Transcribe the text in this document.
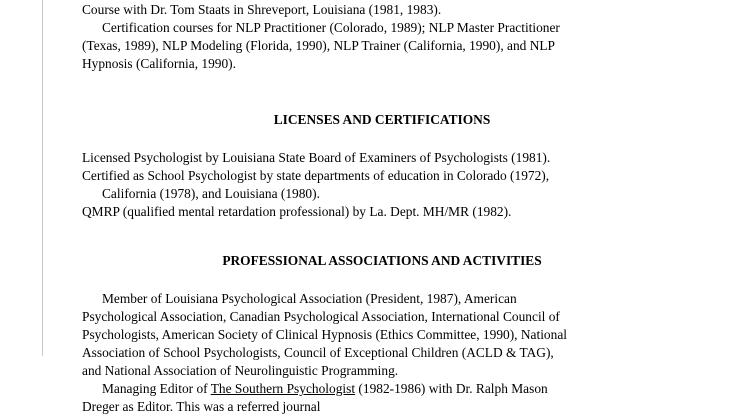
Course with Dr. Tom Staats in Shreveport, Louisiana (1981, 1983).
Certification courses for NLP Practitioner (Colorado, 1989); NLP Master Practitioner
(Texas, 1989), NLP Modeling (Florida, 1990), NLP Trainer (California, 1990), and NLP
Hypnosis (California, 1990).
LICENSES AND CERTIFICATIONS
Licensed Psychologist by Louisiana State Board of Examiners of Psychologists (1981).
Certified as School Psychologist by state departments of education in Colorado (1972),
California (1978), and Louisiana (1980).
QMRP (qualified mental retardation professional) by La. Dept. MH/MR (1982).
PROFESSIONAL ASSOCIATIONS AND ACTIVITIES
Member of Louisiana Psychological Association (President, 1987), American
Psychological Association, Canadian Psychological Association, International Council of
Psychologists, American Society of Clinical Hypnosis (Ethics Committee, 1990), National
Association of School Psychologists, Council of Exceptional Children (ACLD & TAG),
and National Association of Neurolinguistic Programming.
Managing Editor of The Southern Psychologist (1982-1986) with Dr. Ralph Mason
Dreger as Editor. This was a referred journal
